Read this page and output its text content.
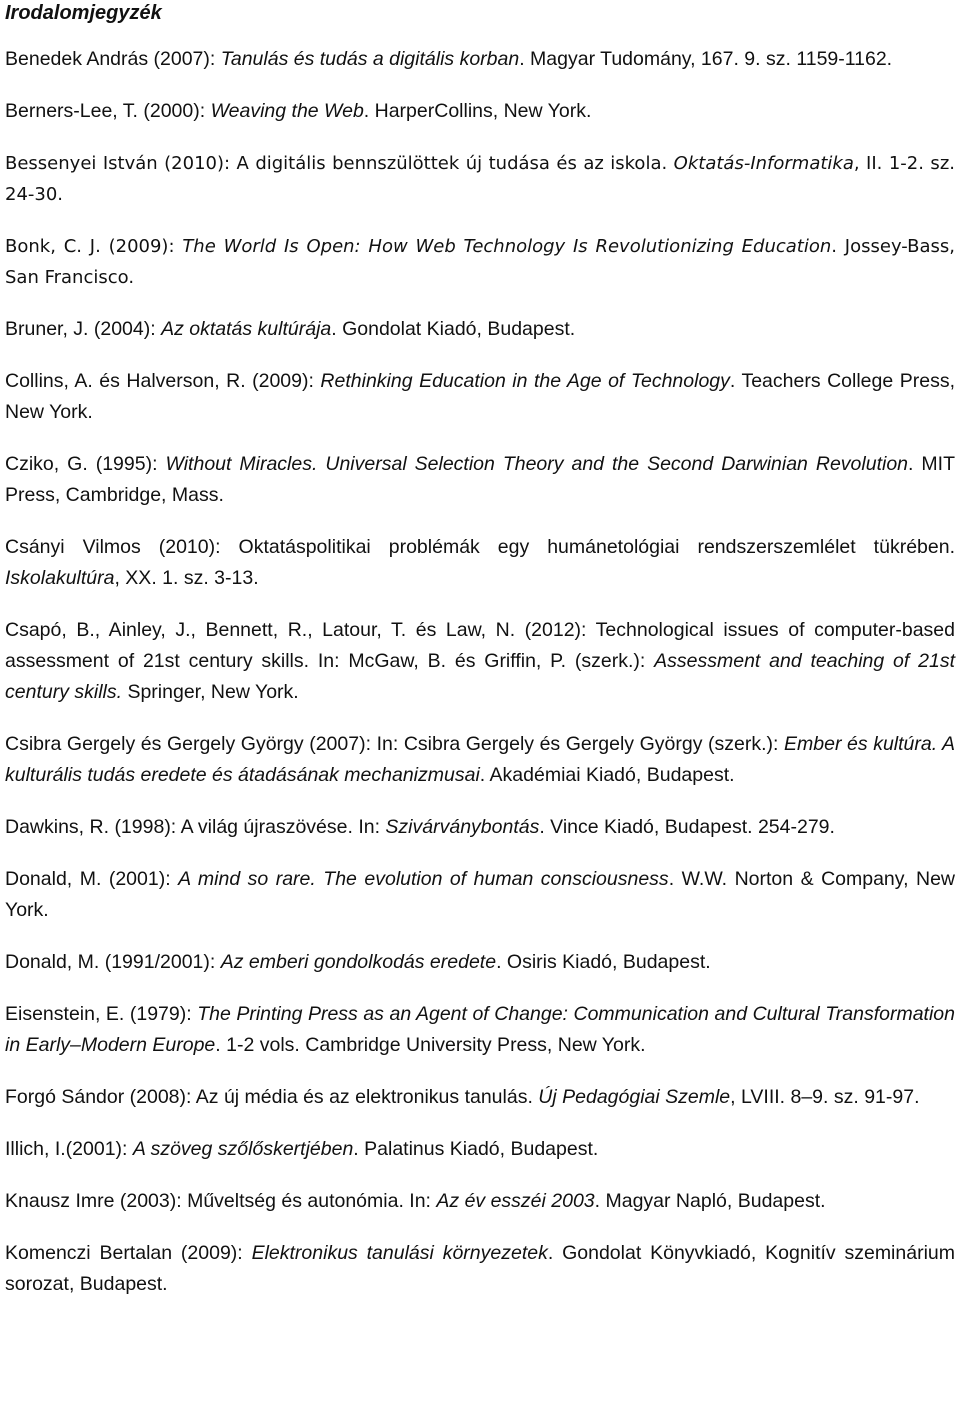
Irodalomjegyzék
Benedek András (2007): Tanulás és tudás a digitális korban. Magyar Tudomány, 167. 9. sz. 1159-1162.
Berners-Lee, T. (2000): Weaving the Web. HarperCollins, New York.
Bessenyei István (2010): A digitális bennszülöttek új tudása és az iskola. Oktatás-Informatika, II. 1-2. sz. 24-30.
Bonk, C. J. (2009): The World Is Open: How Web Technology Is Revolutionizing Education. Jossey-Bass, San Francisco.
Bruner, J. (2004): Az oktatás kultúrája. Gondolat Kiadó, Budapest.
Collins, A. és Halverson, R. (2009): Rethinking Education in the Age of Technology. Teachers College Press, New York.
Cziko, G. (1995): Without Miracles. Universal Selection Theory and the Second Darwinian Revolution. MIT Press, Cambridge, Mass.
Csányi Vilmos (2010): Oktatáspolitikai problémák egy humánetológiai rendszerszemlélet tükrében. Iskolakultúra, XX. 1. sz. 3-13.
Csapó, B., Ainley, J., Bennett, R., Latour, T. és Law, N. (2012): Technological issues of computer-based assessment of 21st century skills. In: McGaw, B. és Griffin, P. (szerk.): Assessment and teaching of 21st century skills. Springer, New York.
Csibra Gergely és Gergely György (2007): In: Csibra Gergely és Gergely György (szerk.): Ember és kultúra. A kulturális tudás eredete és átadásának mechanizmusai. Akadémiai Kiadó, Budapest.
Dawkins, R. (1998): A világ újraszövése. In: Szivárványbontás. Vince Kiadó, Budapest. 254-279.
Donald, M. (2001): A mind so rare. The evolution of human consciousness. W.W. Norton & Company, New York.
Donald, M. (1991/2001): Az emberi gondolkodás eredete. Osiris Kiadó, Budapest.
Eisenstein, E. (1979): The Printing Press as an Agent of Change: Communication and Cultural Transformation in Early–Modern Europe. 1-2 vols. Cambridge University Press, New York.
Forgó Sándor (2008): Az új média és az elektronikus tanulás. Új Pedagógiai Szemle, LVIII. 8–9. sz. 91-97.
Illich, I.(2001): A szöveg szőlőskertjében. Palatinus Kiadó, Budapest.
Knausz Imre (2003): Műveltség és autonómia. In: Az év esszéi 2003. Magyar Napló, Budapest.
Komenczi Bertalan (2009): Elektronikus tanulási környezetek. Gondolat Könyvkiadó, Kognitív szeminárium sorozat, Budapest.
